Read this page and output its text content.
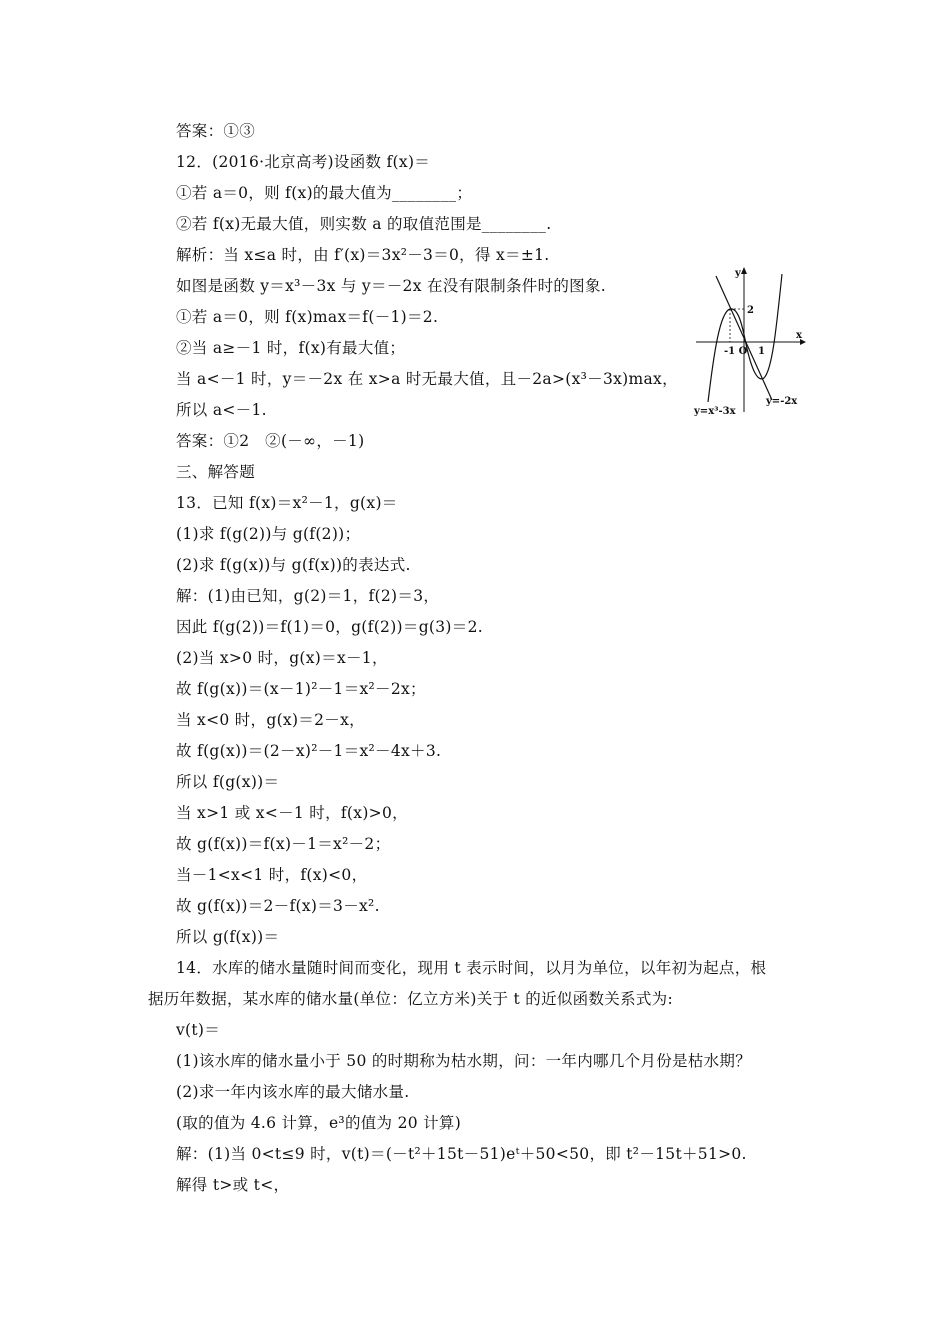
答案：①③
12．(2016·北京高考)设函数 f(x)＝
①若 a＝0，则 f(x)的最大值为________；
②若 f(x)无最大值，则实数 a 的取值范围是________.
解析：当 x≤a 时，由 f′(x)＝3x²－3＝0，得 x＝±1.
如图是函数 y＝x³－3x 与 y＝－2x 在没有限制条件时的图象.
①若 a＝0，则 f(x)max＝f(－1)＝2.
②当 a≥－1 时，f(x)有最大值；
当 a<－1 时，y＝－2x 在 x>a 时无最大值，且－2a>(x³－3x)max，
所以 a<－1.
答案：①2　②(－∞，－1)
三、解答题
13．已知 f(x)＝x²－1，g(x)＝
(1)求 f(g(2))与 g(f(2))；
(2)求 f(g(x))与 g(f(x))的表达式.
解：(1)由已知，g(2)＝1，f(2)＝3，
因此 f(g(2))＝f(1)＝0，g(f(2))＝g(3)＝2.
(2)当 x>0 时，g(x)＝x－1，
故 f(g(x))＝(x－1)²－1＝x²－2x；
当 x<0 时，g(x)＝2－x，
故 f(g(x))＝(2－x)²－1＝x²－4x＋3.
所以 f(g(x))＝
当 x>1 或 x<－1 时，f(x)>0，
故 g(f(x))＝f(x)－1＝x²－2；
当－1<x<1 时，f(x)<0，
故 g(f(x))＝2－f(x)＝3－x².
所以 g(f(x))＝
14．水库的储水量随时间而变化，现用 t 表示时间，以月为单位，以年初为起点，根
据历年数据，某水库的储水量(单位：亿立方米)关于 t 的近似函数关系式为:
v(t)＝
(1)该水库的储水量小于 50 的时期称为枯水期，问：一年内哪几个月份是枯水期？
(2)求一年内该水库的最大储水量.
(取的值为 4.6 计算，e³的值为 20 计算)
解：(1)当 0<t≤9 时，v(t)＝(－t²＋15t－51)eᵗ＋50<50，即 t²－15t＋51>0.
解得 t>或 t<，
y
x
2
-1 O 1
y=x³-3x
y=-2x
